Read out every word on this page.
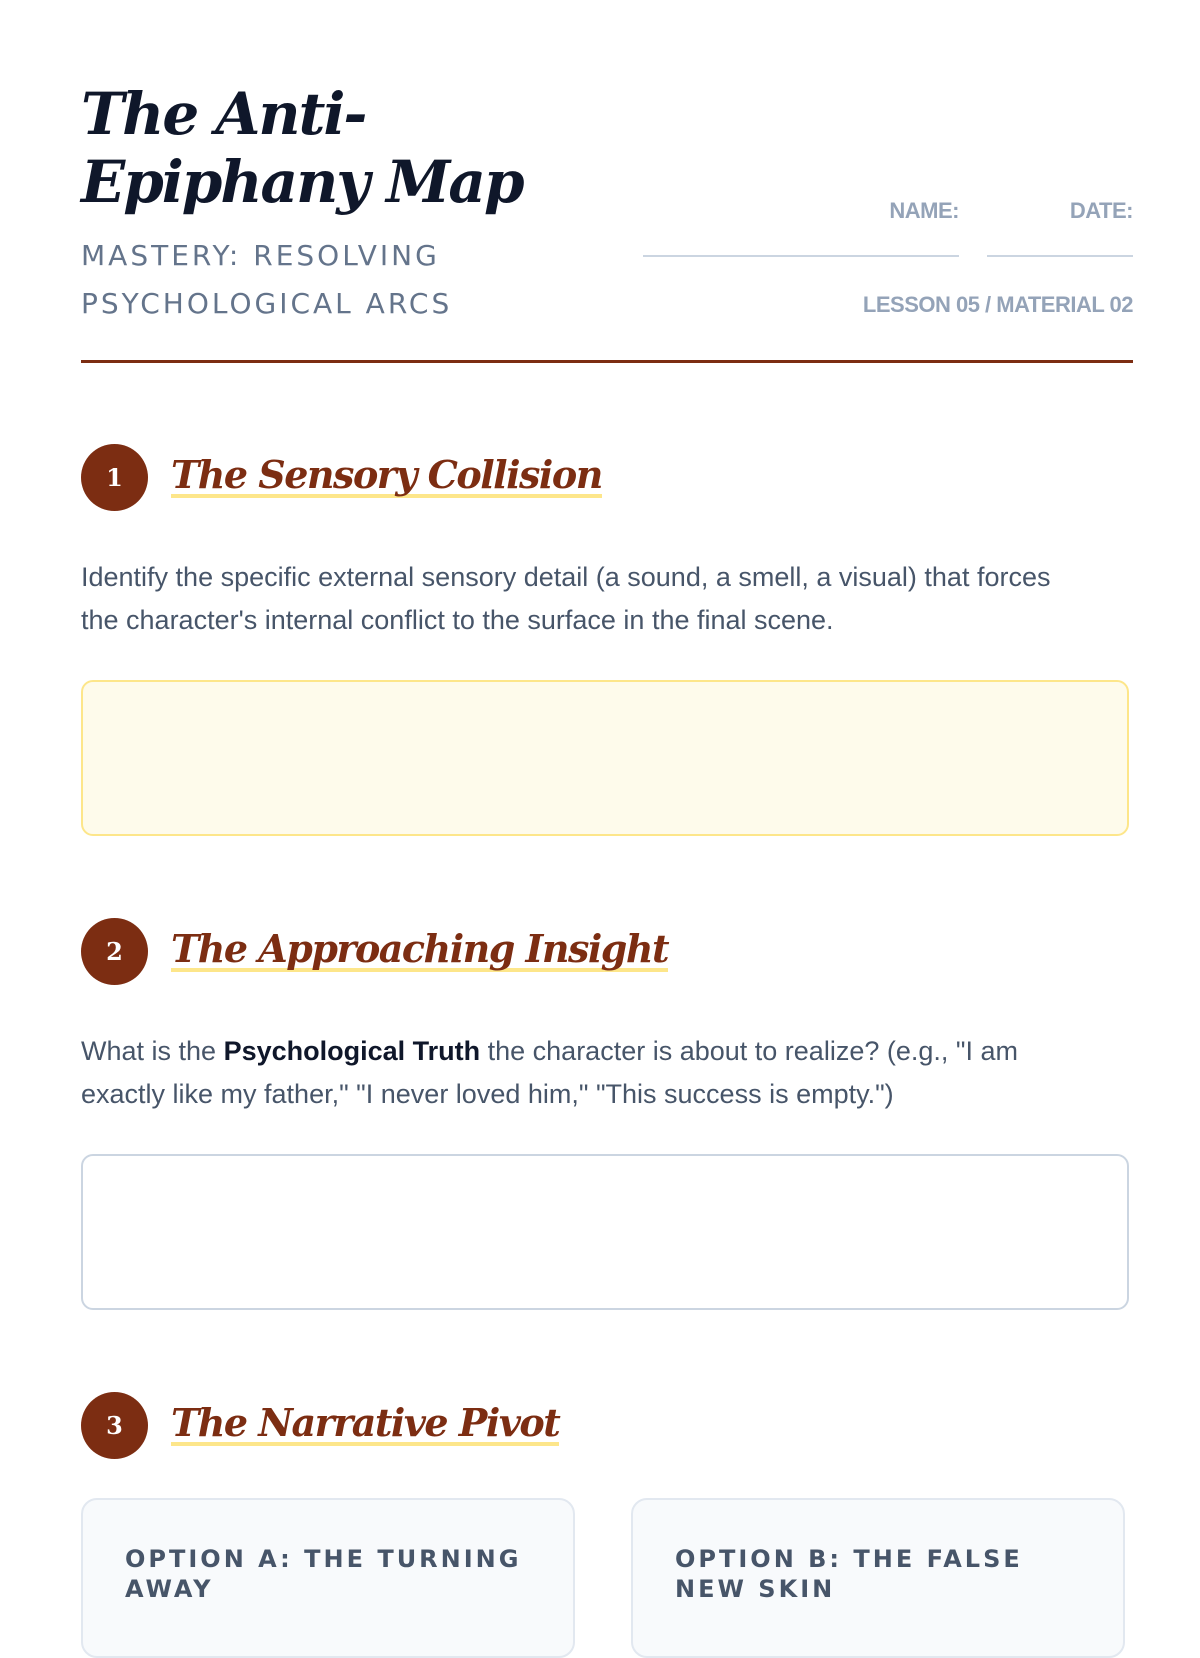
The Anti-Epiphany Map
MASTERY: RESOLVING PSYCHOLOGICAL ARCS
NAME:	DATE:
LESSON 05 / MATERIAL 02
1	The Sensory Collision

Identify the specific external sensory detail (a sound, a smell, a visual) that forces the character's internal conflict to the surface in the final scene.

2	The Approaching Insight

What is the Psychological Truth the character is about to realize? (e.g., "I am exactly like my father," "I never loved him," "This success is empty.")

3	The Narrative Pivot
OPTION A: THE TURNING AWAY
OPTION B: THE FALSE NEW SKIN
